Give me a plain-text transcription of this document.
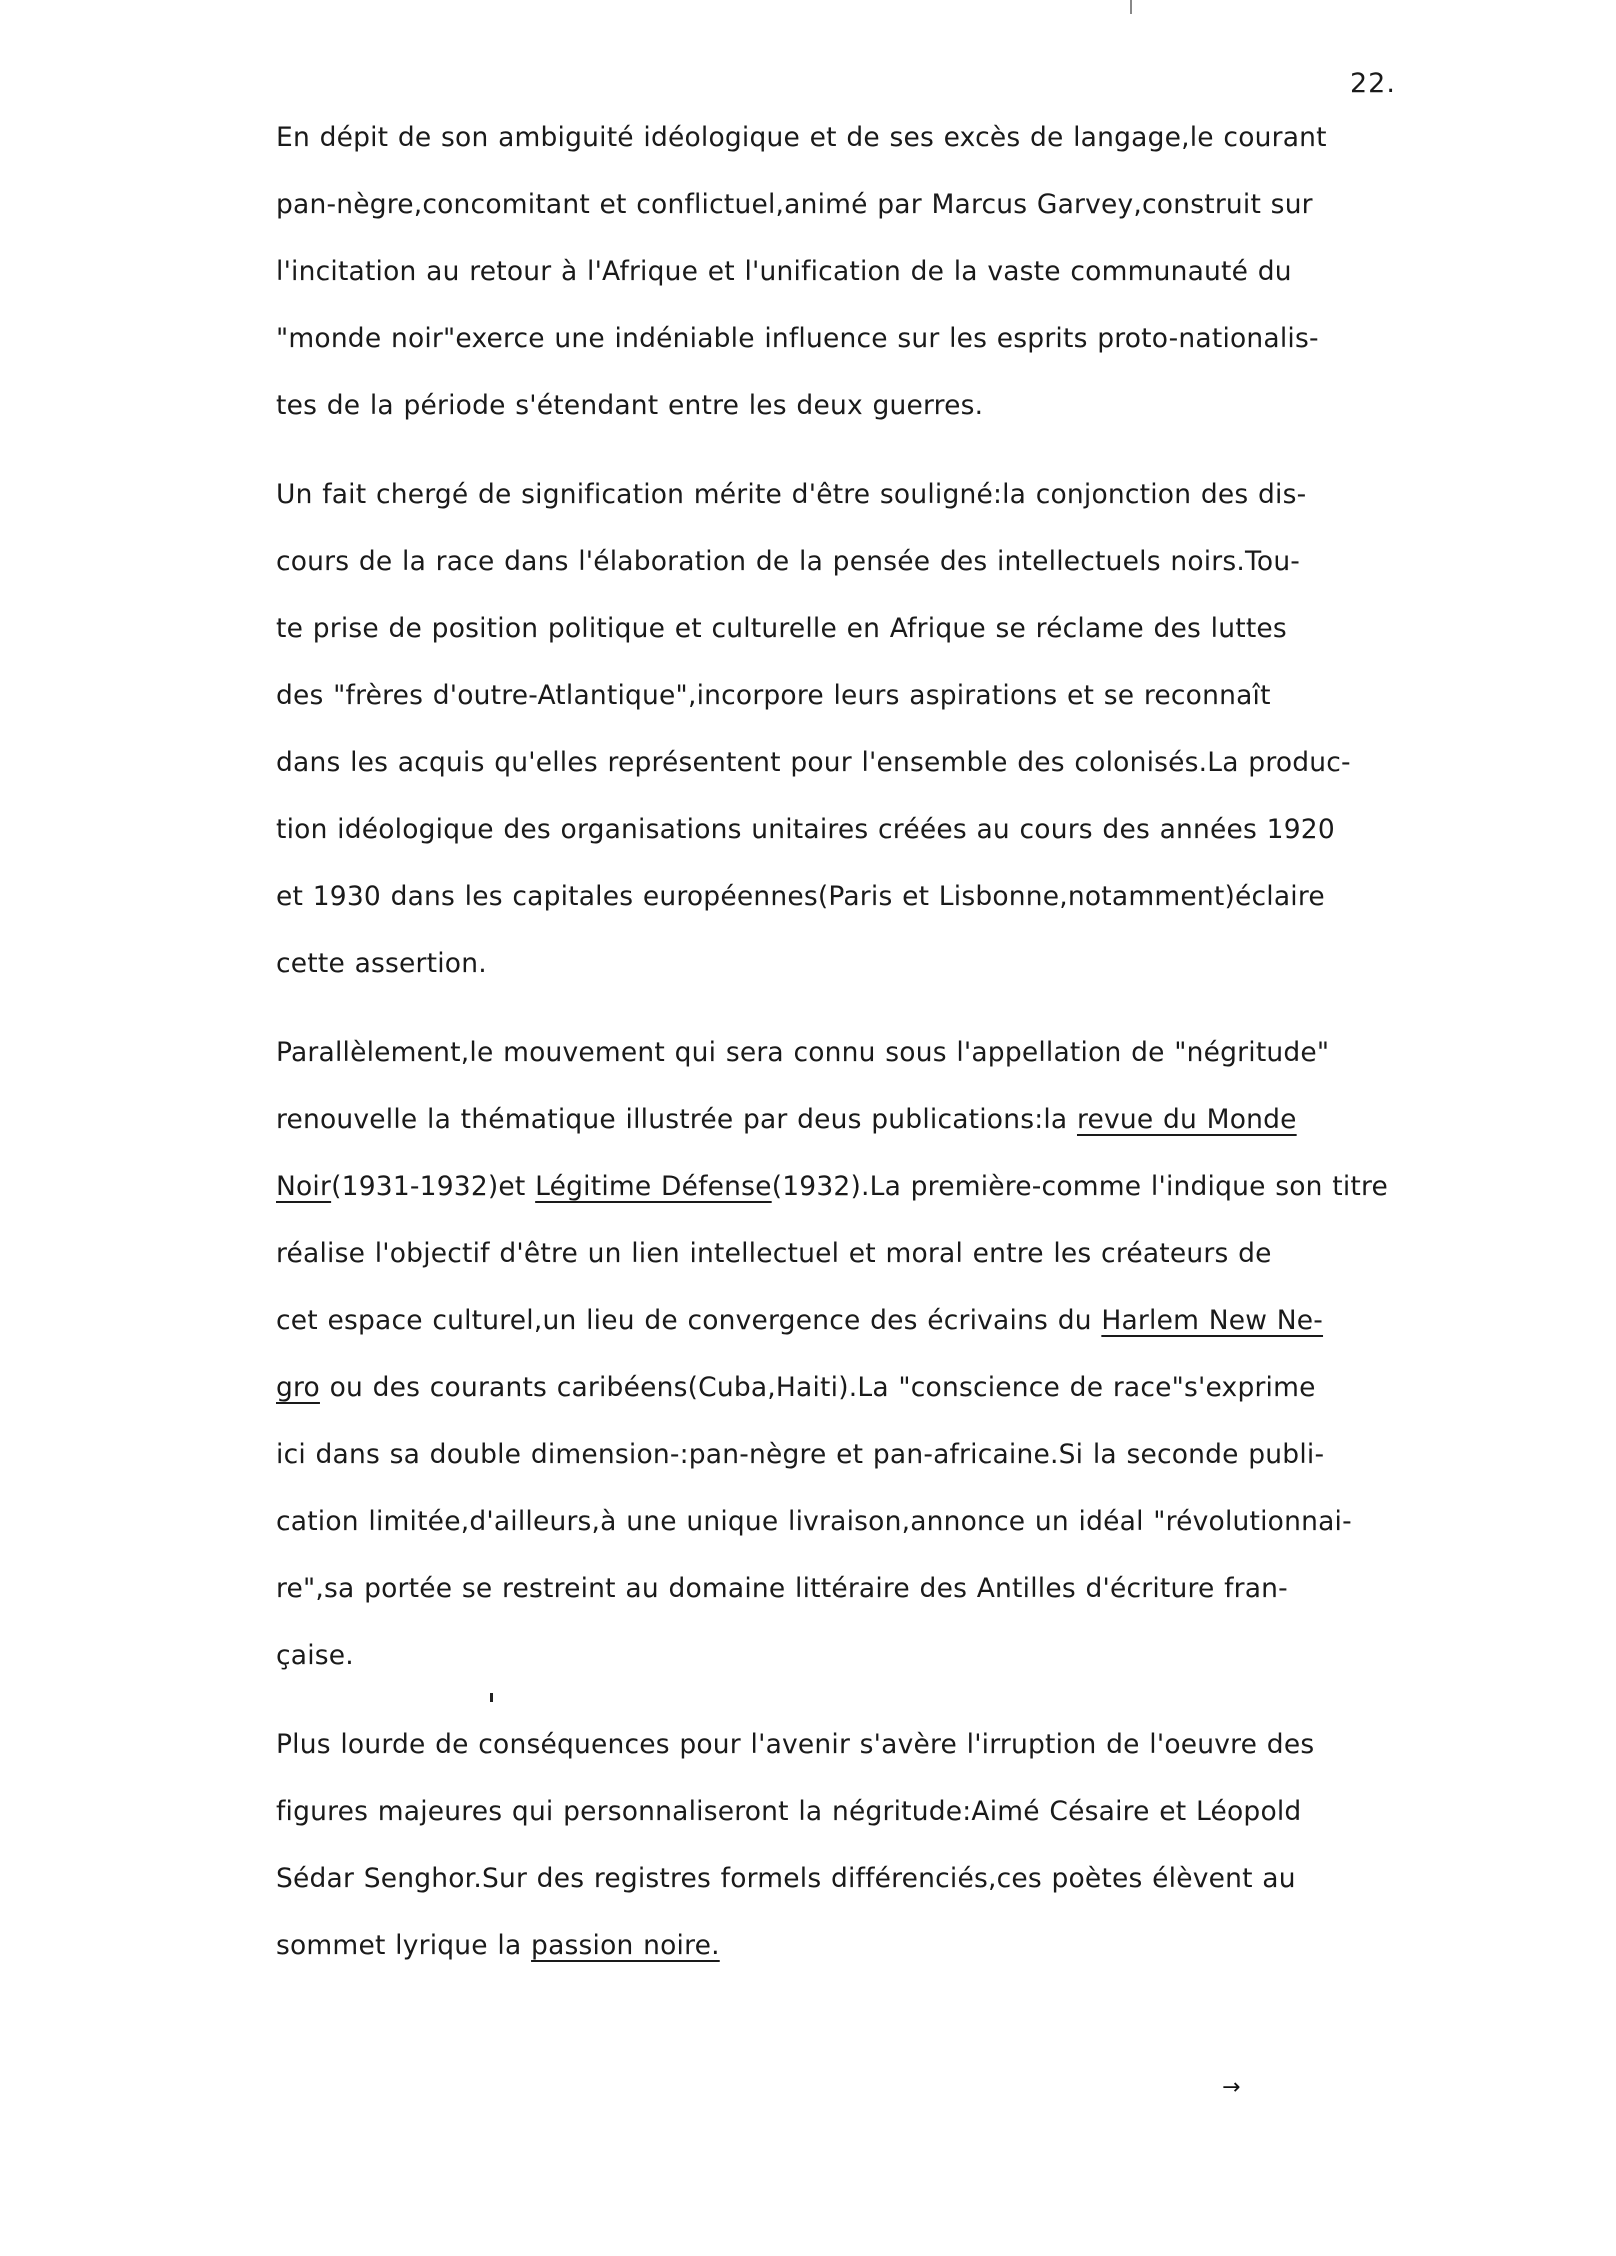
22.
→
En dépit de son ambiguité idéologique et de ses excès de langage,le courant
pan-nègre,concomitant et conflictuel,animé par Marcus Garvey,construit sur
l'incitation au retour à l'Afrique et l'unification de la vaste communauté du
"monde noir"exerce une indéniable influence sur les esprits proto-nationalis-
tes de la période s'étendant entre les deux guerres.
Un fait chergé de signification mérite d'être souligné:la conjonction des dis-
cours de la race dans l'élaboration de la pensée des intellectuels noirs.Tou-
te prise de position politique et culturelle en Afrique se réclame des luttes
des "frères d'outre-Atlantique",incorpore leurs aspirations et se reconnaît
dans les acquis qu'elles représentent pour l'ensemble des colonisés.La produc-
tion idéologique des organisations unitaires créées au cours des années 1920
et 1930 dans les capitales européennes(Paris et Lisbonne,notamment)éclaire
cette assertion.
Parallèlement,le mouvement qui sera connu sous l'appellation de "négritude"
renouvelle la thématique illustrée par deus publications:la revue du Monde
Noir(1931-1932)et Légitime Défense(1932).La première-comme l'indique son titre
réalise l'objectif d'être un lien intellectuel et moral entre les créateurs de
cet espace culturel,un lieu de convergence des écrivains du Harlem New Ne-
gro ou des courants caribéens(Cuba,Haiti).La "conscience de race"s'exprime
ici dans sa double dimension-:pan-nègre et pan-africaine.Si la seconde publi-
cation limitée,d'ailleurs,à une unique livraison,annonce un idéal "révolutionnai-
re",sa portée se restreint au domaine littéraire des Antilles d'écriture fran-
çaise.
Plus lourde de conséquences pour l'avenir s'avère l'irruption de l'oeuvre des
figures majeures qui personnaliseront la négritude:Aimé Césaire et Léopold
Sédar Senghor.Sur des registres formels différenciés,ces poètes élèvent au
sommet lyrique la passion noire.
